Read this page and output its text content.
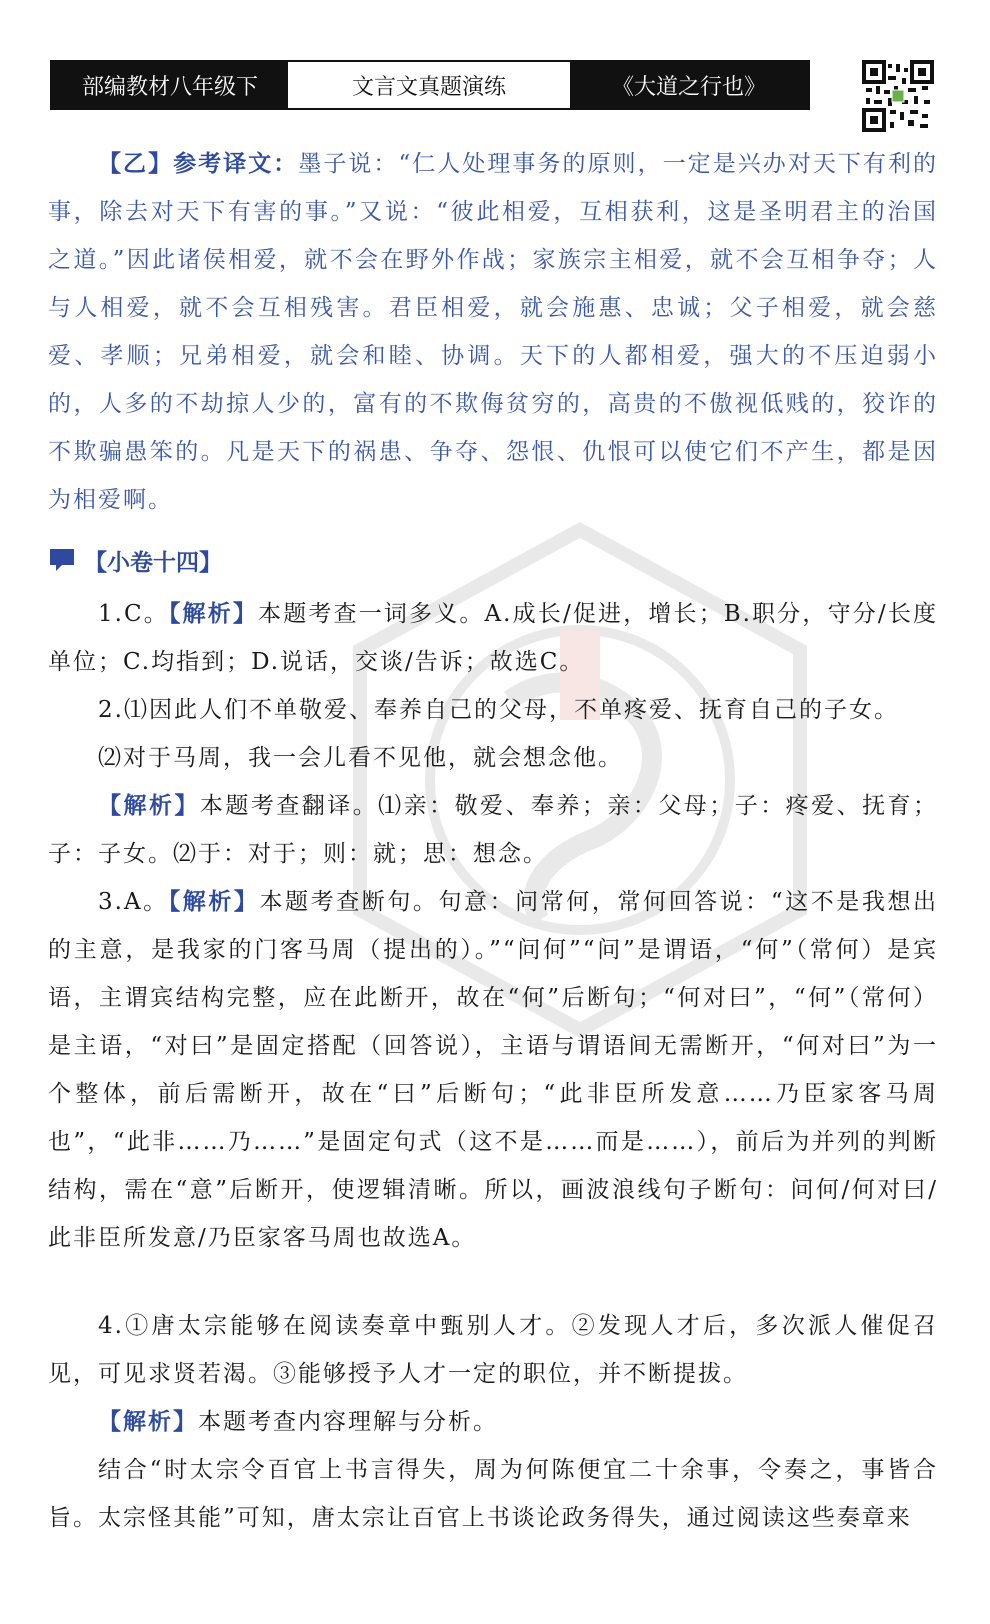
部编教材八年级下	文言文真题演练	《大道之行也》

【乙】参考译文：墨子说：“仁人处理事务的原则，一定是兴办对天下有利的事，除去对天下有害的事。”又说：“彼此相爱，互相获利，这是圣明君主的治国之道。”因此诸侯相爱，就不会在野外作战；家族宗主相爱，就不会互相争夺；人与人相爱，就不会互相残害。君臣相爱，就会施惠、忠诚；父子相爱，就会慈爱、孝顺；兄弟相爱，就会和睦、协调。天下的人都相爱，强大的不压迫弱小的，人多的不劫掠人少的，富有的不欺侮贫穷的，高贵的不傲视低贱的，狡诈的不欺骗愚笨的。凡是天下的祸患、争夺、怨恨、仇恨可以使它们不产生，都是因为相爱啊。

【小卷十四】

1.C。【解析】本题考查一词多义。A.成长/促进，增长；B.职分，守分/长度单位；C.均指到；D.说话，交谈/告诉；故选C。

2.⑴因此人们不单敬爱、奉养自己的父母，不单疼爱、抚育自己的子女。

⑵对于马周，我一会儿看不见他，就会想念他。

【解析】本题考查翻译。⑴亲：敬爱、奉养；亲：父母；子：疼爱、抚育；子：子女。⑵于：对于；则：就；思：想念。

3.A。【解析】本题考查断句。句意：问常何，常何回答说：“这不是我想出的主意，是我家的门客马周（提出的）。”“问何”“问”是谓语，“何”（常何）是宾语，主谓宾结构完整，应在此断开，故在“何”后断句；“何对曰”，“何”（常何）是主语，“对曰”是固定搭配（回答说），主语与谓语间无需断开，“何对曰”为一个整体，前后需断开，故在“曰”后断句；“此非臣所发意……乃臣家客马周也”，“此非……乃……”是固定句式（这不是……而是……），前后为并列的判断结构，需在“意”后断开，使逻辑清晰。所以，画波浪线句子断句：问何/何对曰/此非臣所发意/乃臣家客马周也故选A。

4.①唐太宗能够在阅读奏章中甄别人才。②发现人才后，多次派人催促召见，可见求贤若渴。③能够授予人才一定的职位，并不断提拔。

【解析】本题考查内容理解与分析。

结合“时太宗令百官上书言得失，周为何陈便宜二十余事，令奏之，事皆合旨。太宗怪其能”可知，唐太宗让百官上书谈论政务得失，通过阅读这些奏章来
